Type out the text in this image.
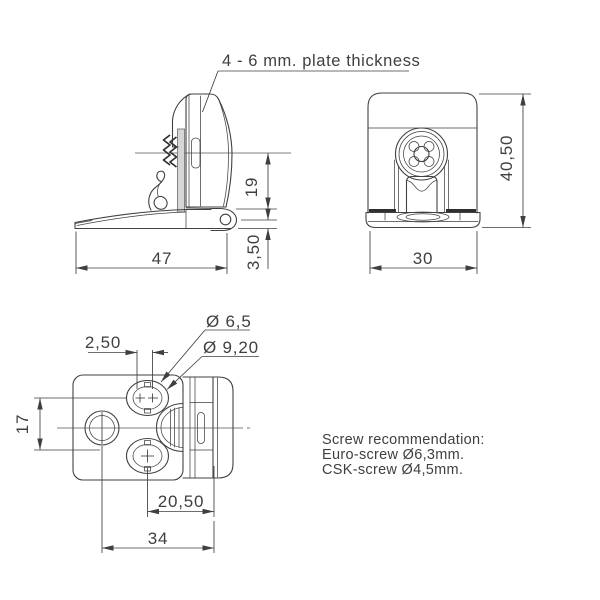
4 - 6 mm. plate thickness
19
3,50
47
40,50
30
2,50
Ø 6,5
Ø 9,20
17
20,50
34
Screw recommendation:
Euro-screw Ø6,3mm.
CSK-screw Ø4,5mm.
